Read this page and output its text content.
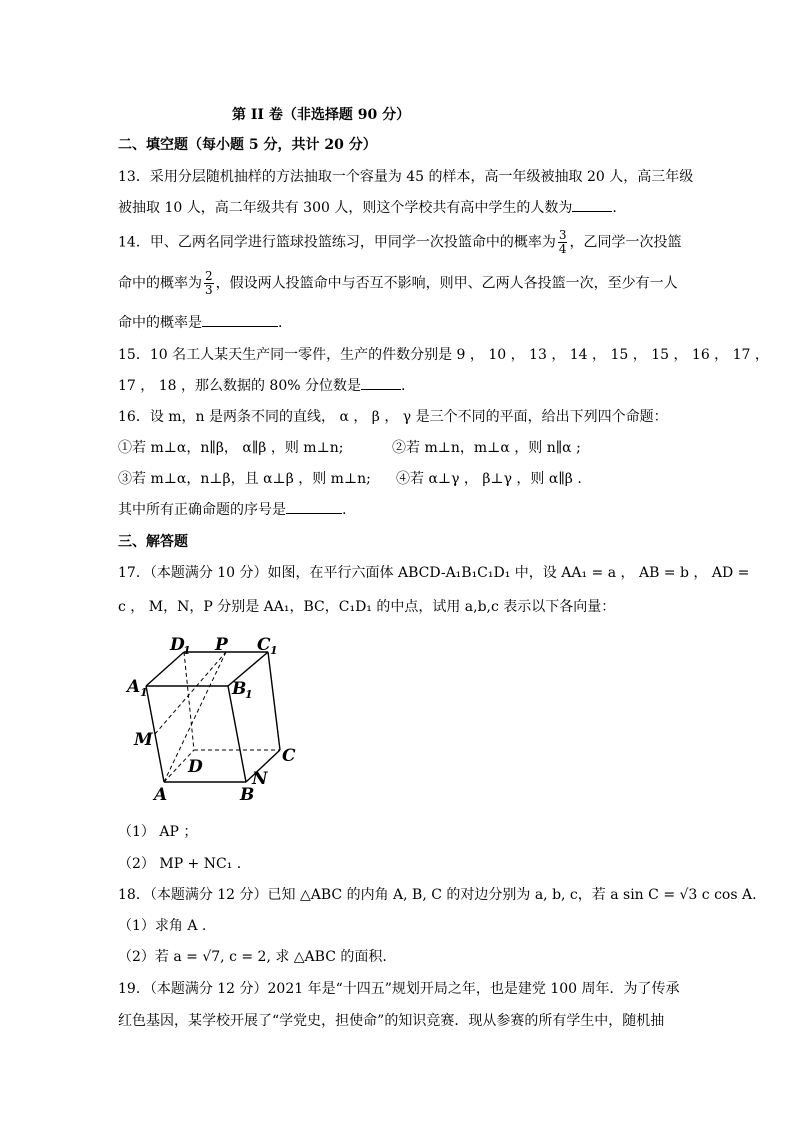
第 II 卷（非选择题 90 分）
二、填空题（每小题 5 分，共计 20 分）
13．采用分层随机抽样的方法抽取一个容量为 45 的样本，高一年级被抽取 20 人，高三年级
被抽取 10 人，高二年级共有 300 人，则这个学校共有高中学生的人数为	.
14．甲、乙两名同学进行篮球投篮练习，甲同学一次投篮命中的概率为 $\frac{3}{4}$ ，乙同学一次投篮
命中的概率为 $\frac{2}{3}$ ，假设两人投篮命中与否互不影响，则甲、乙两人各投篮一次，至少有一人
命中的概率是	.
15．10 名工人某天生产同一零件，生产的件数分别是 9 ， 10 ， 13 ， 14 ， 15 ， 15 ， 16 ， 17 ，
17 ， 18 ，那么数据的 80% 分位数是	.
16．设 m，n 是两条不同的直线， α ， β ， γ 是三个不同的平面，给出下列四个命题：
①若 m⊥α，n∥β， α∥β ，则 m⊥n;	②若 m⊥n，m⊥α ，则 n∥α ;
③若 m⊥α，n⊥β，且 α⊥β ，则 m⊥n; ④若 α⊥γ ， β⊥γ ，则 α∥β .
其中所有正确命题的序号是	.
三、解答题
17．（本题满分 10 分）如图，在平行六面体 ABCD-A₁B₁C₁D₁ 中，设 AA₁ = a ， AB = b ， AD =
c ， M，N，P 分别是 AA₁，BC，C₁D₁ 的中点，试用 a,b,c 表示以下各向量：
D
1 P C 1
A 1	B
1
M
D
C
N
A	B
（1） AP ；
（2） MP + NC₁ .
18．（本题满分 12 分）已知 △ABC 的内角 A, B, C 的对边分别为 a, b, c，若 a sin C = √3 c cos A.
（1）求角 A .
（2）若 a = √7, c = 2, 求 △ABC 的面积.
19．（本题满分 12 分）2021 年是“十四五”规划开局之年，也是建党 100 周年．为了传承
红色基因，某学校开展了“学党史，担使命”的知识竞赛．现从参赛的所有学生中，随机抽
